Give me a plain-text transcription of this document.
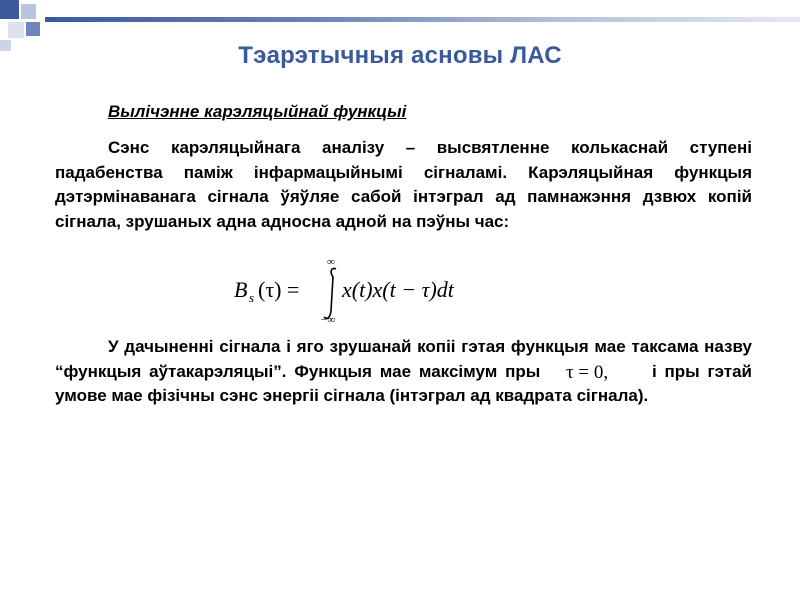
Тэарэтычныя асновы ЛАС
Вылічэнне карэляцыйнай функцыі

Сэнс карэляцыйнага аналізу – высвятленне колькаснай ступені падабенства паміж інфармацыйнымі сігналамі. Карэляцыйная функцыя дэтэрмінаванага сігнала ўяўляе сабой інтэграл ад памнажэння дзвюх копій сігнала, зрушаных адна адносна адной на пэўны час:

B s (τ) =
∞
−∞
x(t)x(t − τ)dt

У дачыненні сігнала і яго зрушанай копіі гэтая функцыя мае таксама назву “функцыя аўтакарэляцыі”. Функцыя мае максімум пры τ = 0,	і пры гэтай умове мае фізічны сэнс энергіі сігнала (інтэграл ад квадрата сігнала).
